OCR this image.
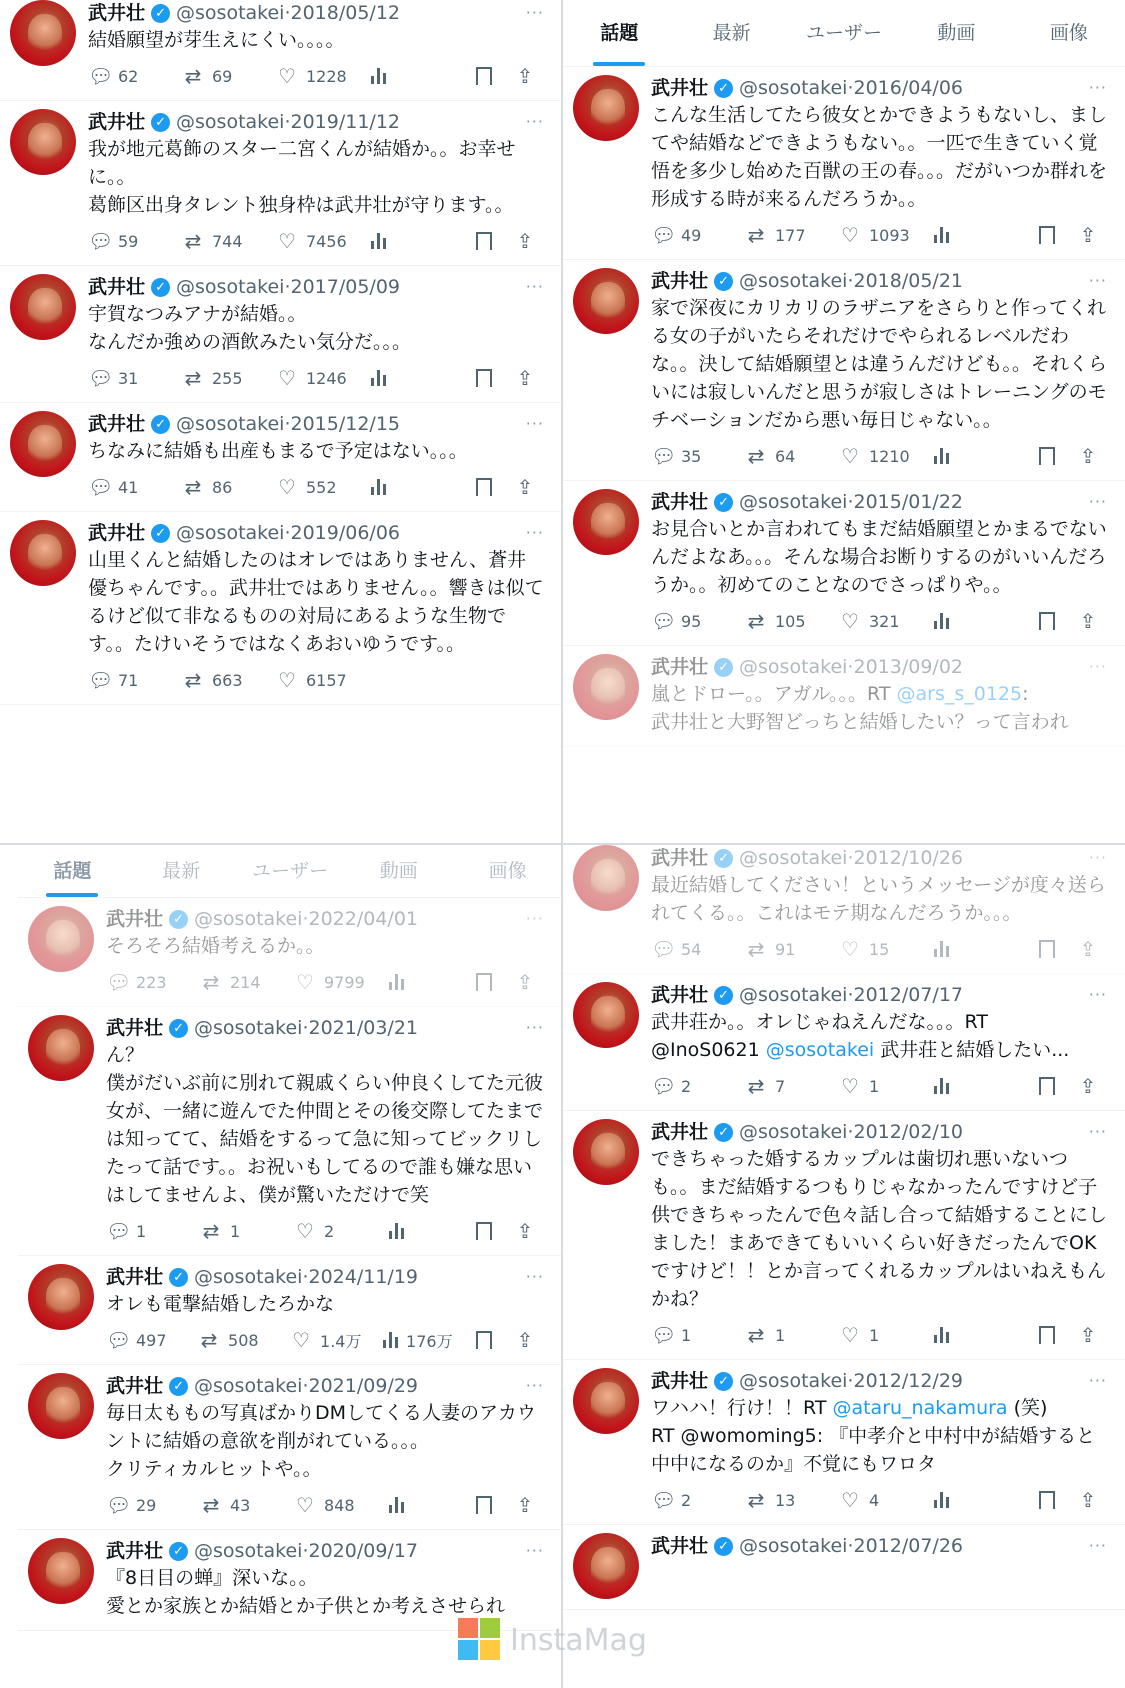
武井壮 ✓ @sosotakei·2018/05/12	···
結婚願望が芽生えにくい。。。。
💬︎ 62 ⇄ 69 ♡ 1228	⇪
武井壮 ✓ @sosotakei·2019/11/12	···
我が地元葛飾のスター二宮くんが結婚か。。お幸せに。。
葛飾区出身タレント独身枠は武井壮が守ります。。
💬︎ 59 ⇄ 744 ♡ 7456	⇪
武井壮 ✓ @sosotakei·2017/05/09	···
宇賀なつみアナが結婚。。
なんだか強めの酒飲みたい気分だ。。。
💬︎ 31 ⇄ 255 ♡ 1246	⇪
武井壮 ✓ @sosotakei·2015/12/15	···
ちなみに結婚も出産もまるで予定はない。。。
💬︎ 41 ⇄ 86 ♡ 552	⇪
武井壮 ✓ @sosotakei·2019/06/06	···
山里くんと結婚したのはオレではありません、蒼井優ちゃんです。。武井壮ではありません。。響きは似てるけど似て非なるものの対局にあるような生物です。。たけいそうではなくあおいゆうです。。
💬︎ 71 ⇄ 663 ♡ 6157
話題	最新	ユーザー	動画	画像
武井壮 ✓ @sosotakei·2016/04/06	···
こんな生活してたら彼女とかできようもないし、ましてや結婚などできようもない。。一匹で生きていく覚悟を多少し始めた百獣の王の春。。。だがいつか群れを形成する時が来るんだろうか。。
💬︎ 49 ⇄ 177 ♡ 1093	⇪
武井壮 ✓ @sosotakei·2018/05/21	···
家で深夜にカリカリのラザニアをさらりと作ってくれる女の子がいたらそれだけでやられるレベルだわな。。決して結婚願望とは違うんだけども。。それくらいには寂しいんだと思うが寂しさはトレーニングのモチベーションだから悪い毎日じゃない。。
💬︎ 35 ⇄ 64 ♡ 1210	⇪
武井壮 ✓ @sosotakei·2015/01/22	···
お見合いとか言われてもまだ結婚願望とかまるでないんだよなあ。。。そんな場合お断りするのがいいんだろうか。。初めてのことなのでさっぱりや。。
💬︎ 95 ⇄ 105 ♡ 321	⇪
武井壮 ✓ @sosotakei·2013/09/02	···
嵐とドロー。。アガル。。。RT @ars_s_0125:
武井壮と大野智どっちと結婚したい？って言われ
話題	最新	ユーザー	動画	画像
武井壮 ✓ @sosotakei·2022/04/01	···
そろそろ結婚考えるか。。
💬︎ 223 ⇄ 214 ♡ 9799	⇪
武井壮 ✓ @sosotakei·2021/03/21	···
ん？
僕がだいぶ前に別れて親戚くらい仲良くしてた元彼女が、一緒に遊んでた仲間とその後交際してたまでは知ってて、結婚をするって急に知ってビックリしたって話です。。お祝いもしてるので誰も嫌な思いはしてませんよ、僕が驚いただけで笑
💬︎ 1	⇄ 1	♡ 2	⇪
武井壮 ✓ @sosotakei·2024/11/19	···
オレも電撃結婚したろかな
💬︎ 497 ⇄ 508 ♡ 1.4万	176万	⇪
武井壮 ✓ @sosotakei·2021/09/29	···
毎日太ももの写真ばかりDMしてくる人妻のアカウントに結婚の意欲を削がれている。。。
クリティカルヒットや。。
💬︎ 29 ⇄ 43 ♡ 848	⇪
武井壮 ✓ @sosotakei·2020/09/17	···
『8日目の蝉』深いな。。
愛とか家族とか結婚とか子供とか考えさせられ
武井壮 ✓ @sosotakei·2012/10/26	···
最近結婚してください！というメッセージが度々送られてくる。。これはモテ期なんだろうか。。。
💬︎ 54 ⇄ 91 ♡ 15	⇪
武井壮 ✓ @sosotakei·2012/07/17	···
武井荘か。。オレじゃねえんだな。。。RT
@InoS0621 @sosotakei 武井荘と結婚したい...
💬︎ 2	⇄ 7	♡ 1	⇪
武井壮 ✓ @sosotakei·2012/02/10	···
できちゃった婚するカップルは歯切れ悪いないつも。。まだ結婚するつもりじゃなかったんですけど子供できちゃったんで色々話し合って結婚することにしました！まあできてもいいくらい好きだったんでOKですけど！！とか言ってくれるカップルはいねえもんかね？
💬︎ 1	⇄ 1	♡ 1	⇪
武井壮 ✓ @sosotakei·2012/12/29	···
ワハハ！行け！！RT @ataru_nakamura (笑)
RT @womoming5: 『中孝介と中村中が結婚すると中中になるのか』不覚にもワロタ
💬︎ 2	⇄ 13 ♡ 4	⇪
武井壮 ✓ @sosotakei·2012/07/26	···
InstaMag
